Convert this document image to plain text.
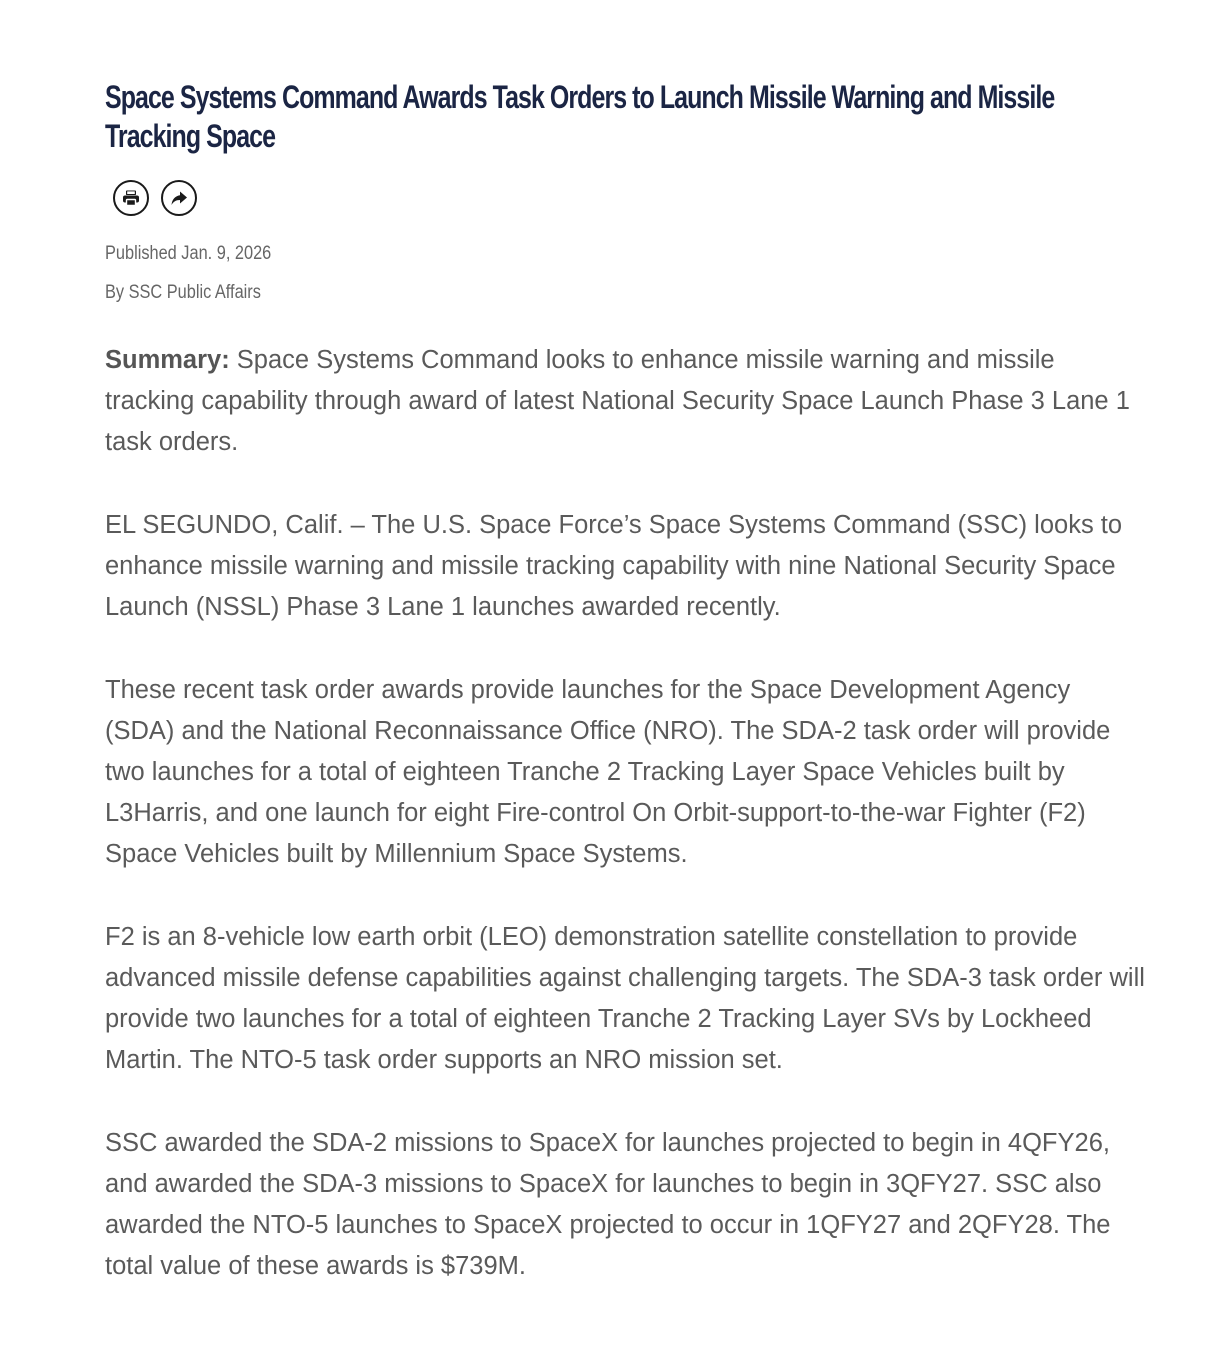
Space Systems Command Awards Task Orders to Launch Missile Warning and Missile Tracking Space
Published Jan. 9, 2026
By SSC Public Affairs

Summary: Space Systems Command looks to enhance missile warning and missile tracking capability through award of latest National Security Space Launch Phase 3 Lane 1 task orders.

EL SEGUNDO, Calif. – The U.S. Space Force’s Space Systems Command (SSC) looks to enhance missile warning and missile tracking capability with nine National Security Space Launch (NSSL) Phase 3 Lane 1 launches awarded recently.

These recent task order awards provide launches for the Space Development Agency (SDA) and the National Reconnaissance Office (NRO). The SDA-2 task order will provide two launches for a total of eighteen Tranche 2 Tracking Layer Space Vehicles built by L3Harris, and one launch for eight Fire-control On Orbit-support-to-the-war Fighter (F2) Space Vehicles built by Millennium Space Systems.

F2 is an 8-vehicle low earth orbit (LEO) demonstration satellite constellation to provide advanced missile defense capabilities against challenging targets. The SDA-3 task order will provide two launches for a total of eighteen Tranche 2 Tracking Layer SVs by Lockheed Martin. The NTO-5 task order supports an NRO mission set.

SSC awarded the SDA-2 missions to SpaceX for launches projected to begin in 4QFY26, and awarded the SDA-3 missions to SpaceX for launches to begin in 3QFY27. SSC also awarded the NTO-5 launches to SpaceX projected to occur in 1QFY27 and 2QFY28. The total value of these awards is $739M.
